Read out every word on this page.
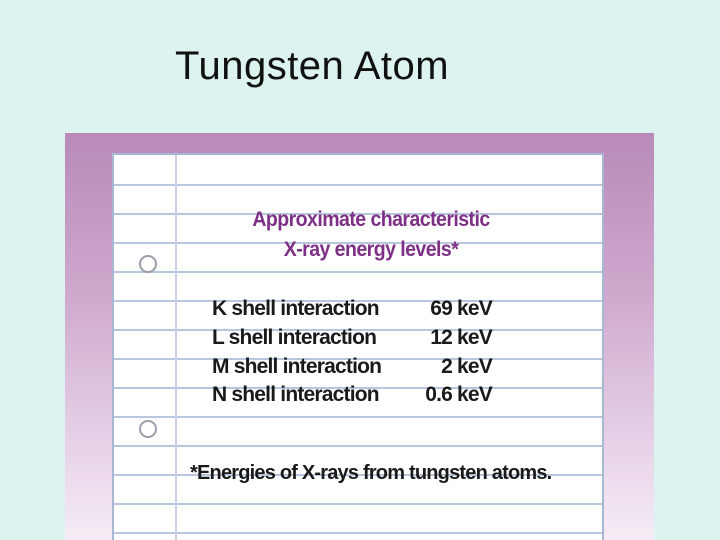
Tungsten Atom
Approximate characteristic
X-ray energy levels*
K shell interaction 69 keV
L shell interaction	12 keV
M shell interaction	2 keV
N shell interaction 0.6 keV
*Energies of X-rays from tungsten atoms.
